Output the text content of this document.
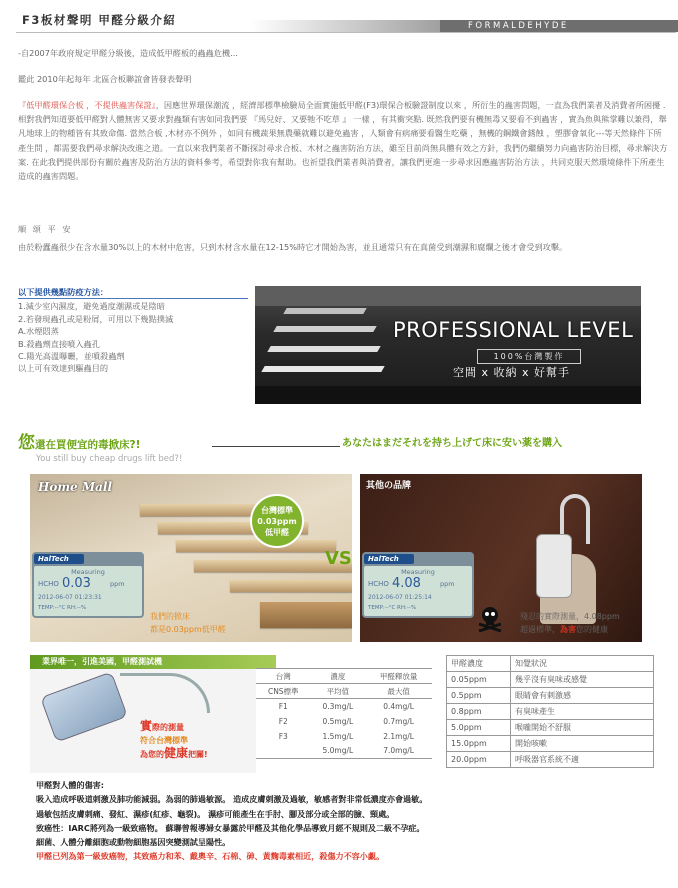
F3板材聲明 甲醛分級介紹	FORMALDEHYDE
-自2007年政府規定甲醛分級後，造成低甲醛板的蟲蟲危機...
鑑此 2010年起每年 北區合板聯誼會皆發表聲明
『低甲醛環保合板 ，不提供蟲害保證』，因應世界環保潮流 ，經濟部標準檢驗局全面實施低甲醛(F3)環保合板驗證制度以來 ，所衍生的蟲害問題，一直為我們業者及消費者所困擾 .相對我們知道要低甲醛對人體無害又要求對蟲類有害如同我們要 『馬兒好、又要牠不吃草 』 一樣 ，有其衝突點. 既然我們要有機無毒又要看不到蟲害 ，實為魚與熊掌難以兼得，舉凡地球上的物種皆有其致命傷. 當然合板 ,木材亦不例外 ，如同有機蔬果無農藥就難以避免蟲害 ，人類會有病痛要看醫生吃藥 ，無機的鋼鐵會銹蝕 ，塑膠會氧化---等天然條件下所產生問 ，都需要我們尋求解決改進之道。一直以來我們業者不斷探討尋求合板、木材之蟲害防治方法，雖至目前尚無具體有效之方針，我們仍繼續努力向蟲害防治目標，尋求解決方案. 在此我們提供部份有關於蟲害及防治方法的資料參考，希望對你我有幫助。也祈望我們業者與消費者，讓我們更進一步尋求因應蟲害防治方法 ，共同克服天然環境條件下所產生造成的蟲害問題。
順 頌 平 安
由於粉蠹蟲很少在含水量30%以上的木材中危害，只到木材含水量在12-15%時它才開始為害，並且通常只有在真菌受到潮濕和腐爛之後才會受到攻擊。
以下提供幾點防疫方法：
1.減少室內濕度，避免過度潮濕或是陰暗
2.若發現蟲孔或是粉屑，可用以下幾點撲滅
A.水煙悶蒸
B.殺蟲劑直接噴入蟲孔
C.陽光高溫曝曬，並噴殺蟲劑
以上可有效達到驅蟲目的
PROFESSIONAL LEVEL
100%台灣製作
空間 x 收納 x 好幫手
您還在買便宜的毒掀床?!	あなたはまだそれを持ち上げて床に安い薬を購入
You still buy cheap drugs lift bed?!
Home Mall
HalTech
Measuring
HCHO 0.03	ppm
2012-06-07 01:23:31
TEMP:--°C RH:--%
台灣標準
0.03ppm
低甲醛
VS
其他の品牌
HalTech
Measuring
HCHO 4.08	ppm
2012-06-07 01:25:14
TEMP:--°C RH:--%
我們的掀床
都是0.03ppm低甲醛
殘忍的實際測量，4.08ppm
超過標準，為害您的健康
業界唯一，引進美國，甲醛測試機
實際的測量
符合台灣標準
為您的健康把關!
台灣	濃度	甲醛釋放量
CNS標準	平均值	最大值
F1	0.3mg/L	0.4mg/L
F2	0.5mg/L	0.7mg/L
F3	1.5mg/L	2.1mg/L
	5.0mg/L	7.0mg/L
甲醛濃度	知覺狀況
0.05ppm	幾乎沒有臭味或感覺
0.5ppm	眼睛會有刺激感
0.8ppm	有臭味產生
5.0ppm	喉嚨開始不舒服
15.0ppm	開始咳嗽
20.0ppm	呼吸器官系統不適
甲醛對人體的傷害:
吸入造成呼吸道刺激及肺功能減弱。為弱的肺過敏源。 造成皮膚刺激及過敏，敏感者對非常低濃度亦會過敏。
過敏包括皮膚刺痛、發紅、濕疹(紅疹、龜裂)。 濕疹可能產生在手肘、腳及部分或全部的臉、頸處。
致癌性：IARC將列為一級致癌物。 蘇聯曾報導婦女暴露於甲醛及其他化學品導致月經不規則及二級不孕症。
細菌、人體分離細胞或動物細胞基因突變測試呈陽性。
甲醛已列為第一級致癌物，其致癌力和苯、戴奧辛、石棉、砷、黃麴毒素相近，殺傷力不容小覷。
